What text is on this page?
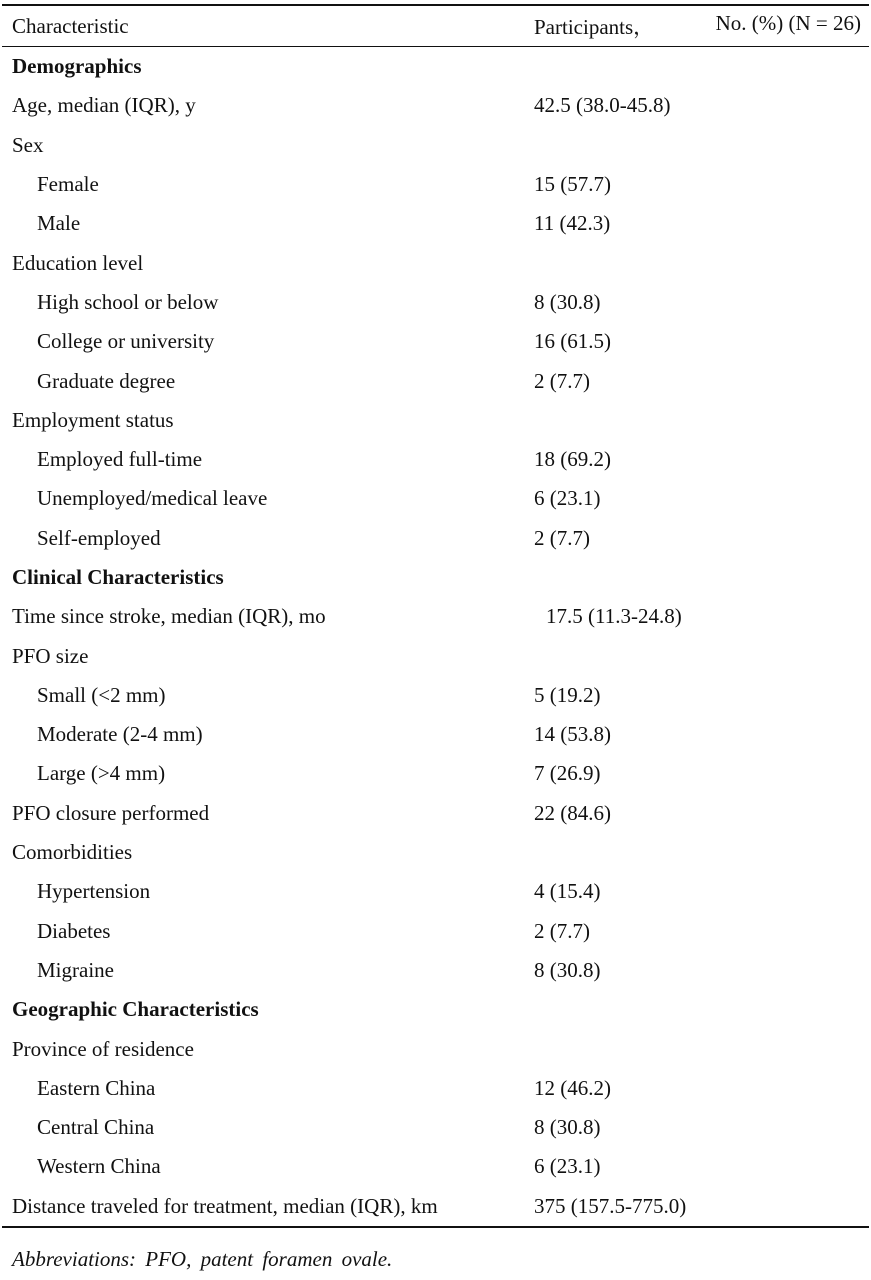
Characteristic	Participants，	No. (%) (N = 26)
Demographics
Age, median (IQR), y	42.5 (38.0-45.8)
Sex
Female	15 (57.7)
Male	11 (42.3)
Education level
High school or below	8 (30.8)
College or university	16 (61.5)
Graduate degree	2 (7.7)
Employment status
Employed full-time	18 (69.2)
Unemployed/medical leave	6 (23.1)
Self-employed	2 (7.7)
Clinical Characteristics
Time since stroke, median (IQR), mo	17.5 (11.3-24.8)
PFO size
Small (<2 mm)	5 (19.2)
Moderate (2-4 mm)	14 (53.8)
Large (>4 mm)	7 (26.9)
PFO closure performed	22 (84.6)
Comorbidities
Hypertension	4 (15.4)
Diabetes	2 (7.7)
Migraine	8 (30.8)
Geographic Characteristics
Province of residence
Eastern China	12 (46.2)
Central China	8 (30.8)
Western China	6 (23.1)
Distance traveled for treatment, median (IQR), km	375 (157.5-775.0)
Abbreviations: PFO, patent foramen ovale.
